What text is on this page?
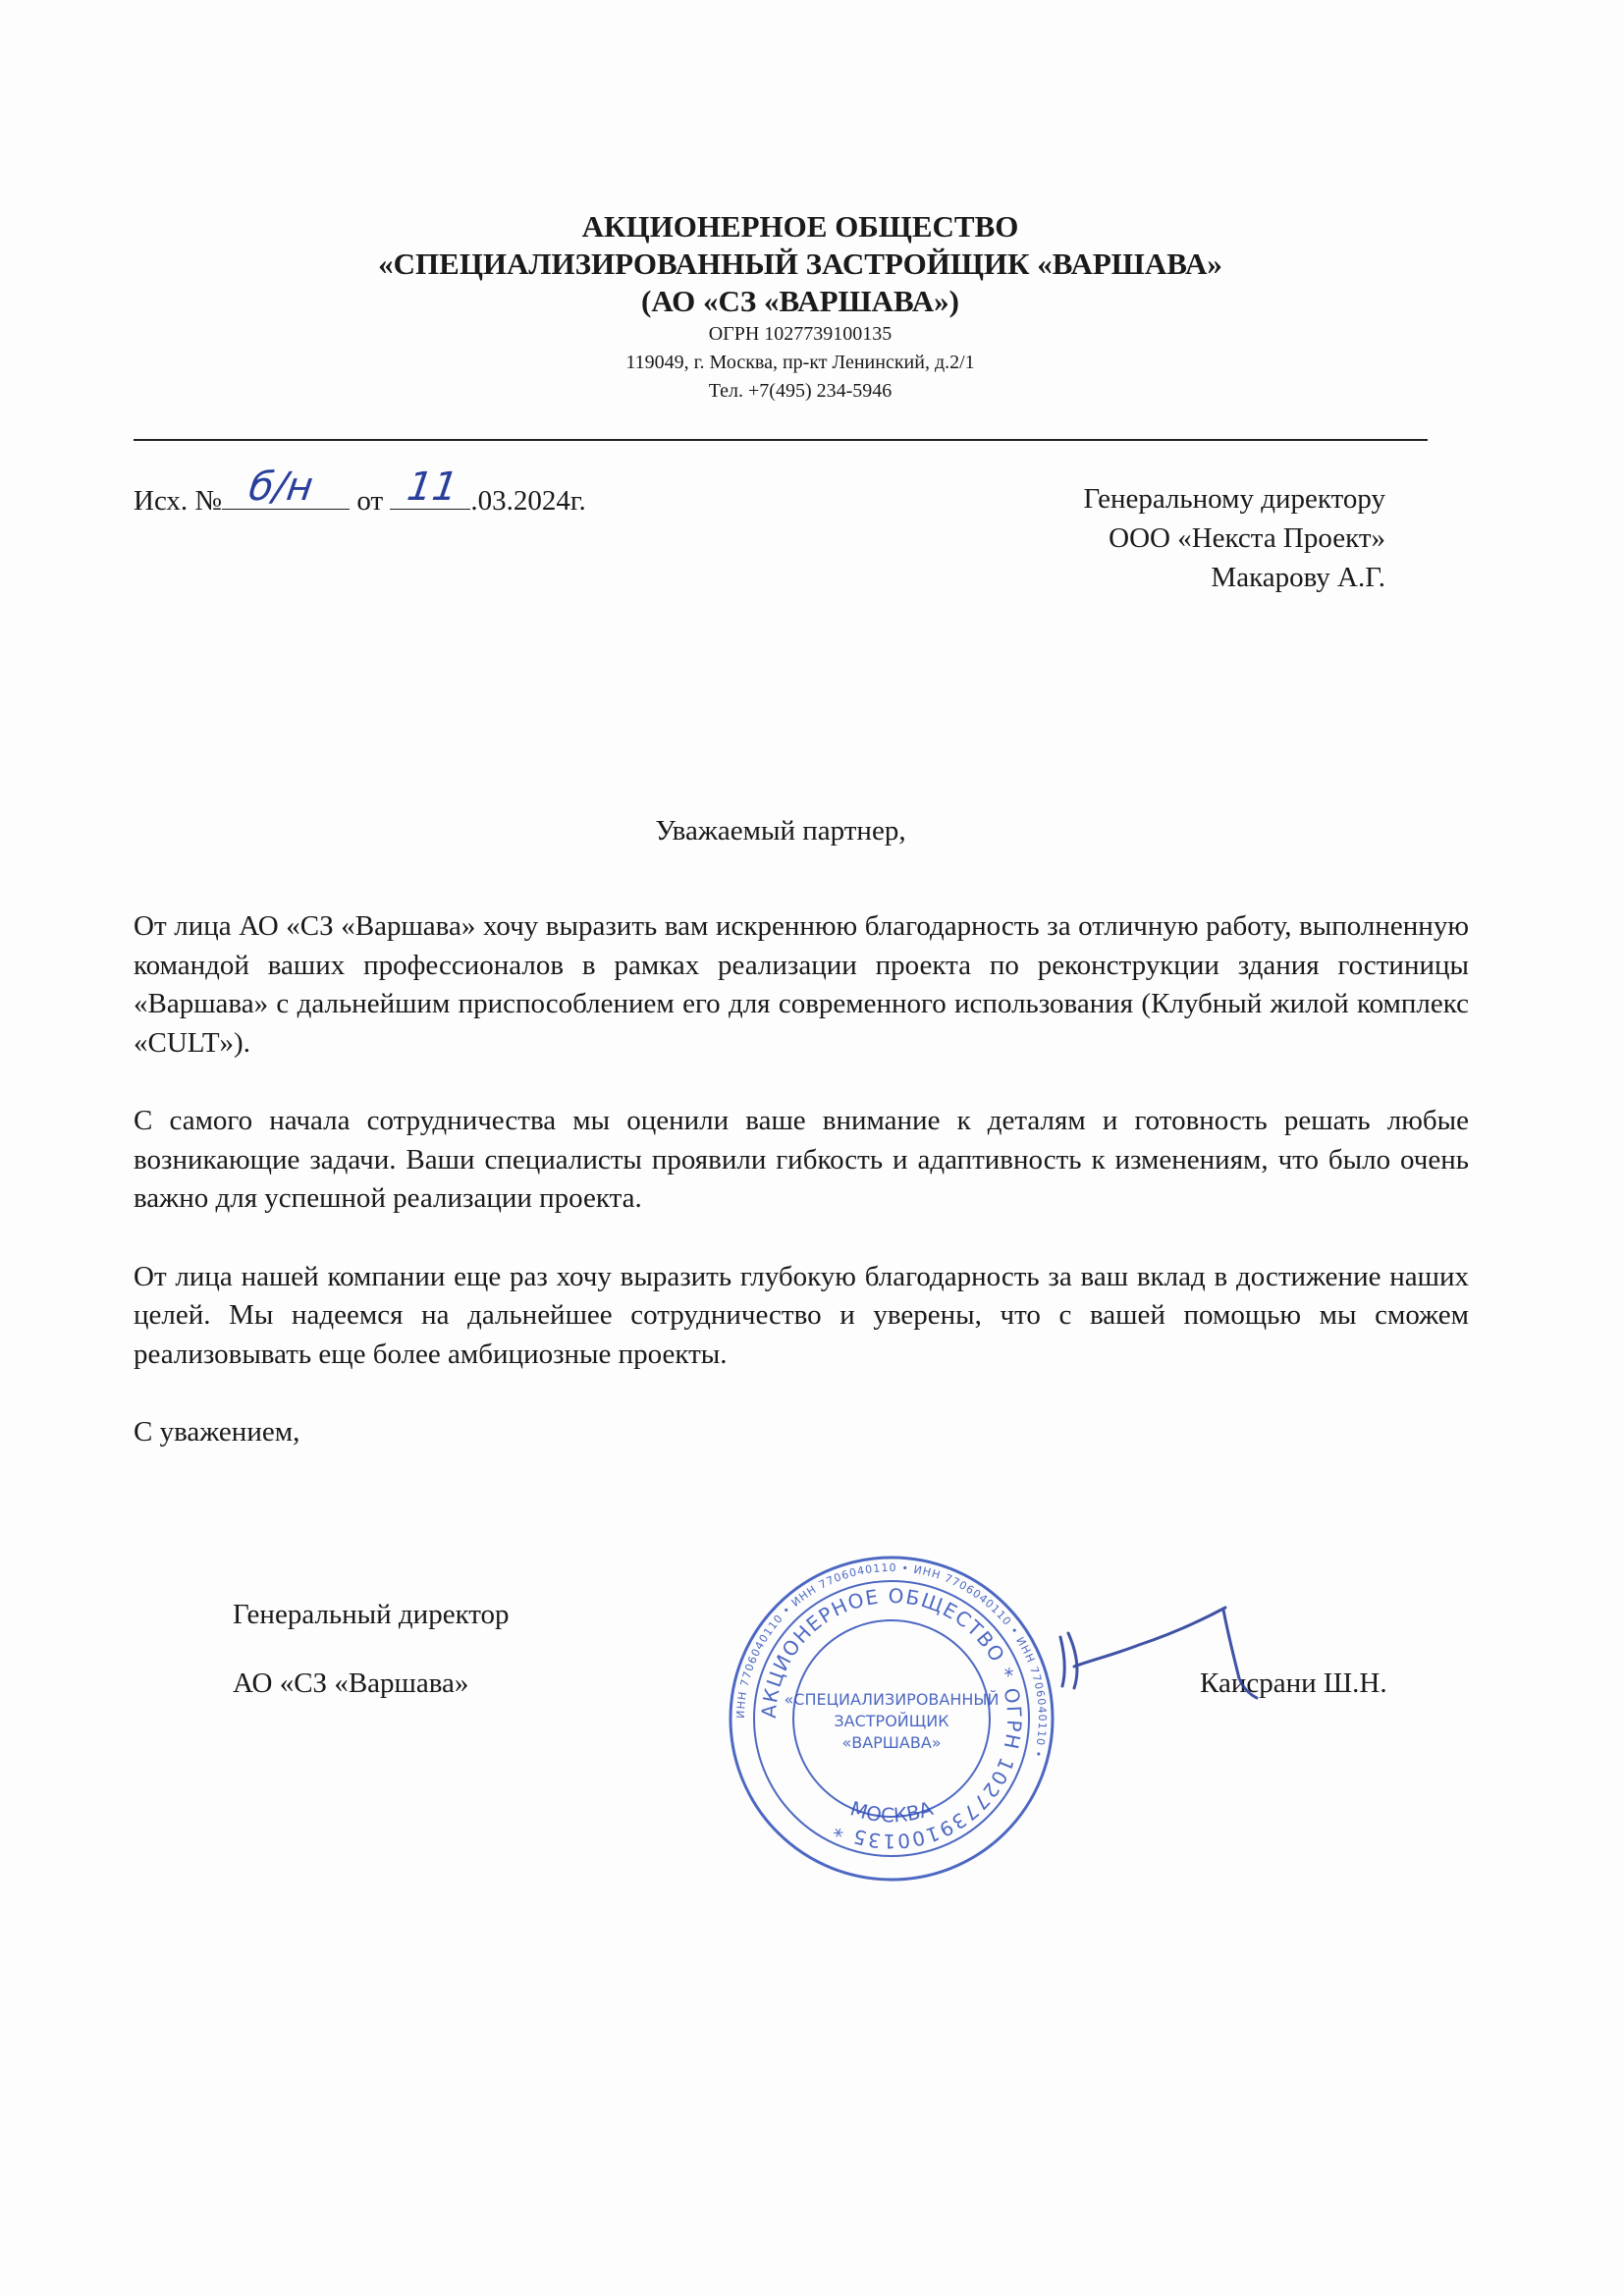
АКЦИОНЕРНОЕ ОБЩЕСТВО
«СПЕЦИАЛИЗИРОВАННЫЙ ЗАСТРОЙЩИК «ВАРШАВА»
(АО «СЗ «ВАРШАВА»)
ОГРН 1027739100135
119049, г. Москва, пр-кт Ленинский, д.2/1
Тел. +7(495) 234-5946
Исх. № б/н от 11 .03.2024г.	Генеральному директору
ООО «Некста Проект»
Макарову А.Г.
Уважаемый партнер,

От лица АО «СЗ «Варшава» хочу выразить вам искреннюю благодарность за отличную работу, выполненную командой ваших профессионалов в рамках реализации проекта по реконструкции здания гостиницы «Варшава» с дальнейшим приспособлением его для современного использования (Клубный жилой комплекс «CULT»).

С самого начала сотрудничества мы оценили ваше внимание к деталям и готовность решать любые возникающие задачи. Ваши специалисты проявили гибкость и адаптивность к изменениям, что было очень важно для успешной реализации проекта.

От лица нашей компании еще раз хочу выразить глубокую благодарность за ваш вклад в достижение наших целей. Мы надеемся на дальнейшее сотрудничество и уверены, что с вашей помощью мы сможем реализовывать еще более амбициозные проекты.

С уважением,

Генеральный директор
АО «СЗ «Варшава»	Каисрани Ш.Н.
ИНН 7706040110 • ИНН 7706040110 • ИНН 7706040110 • ИНН 7706040110 •
АКЦИОНЕРНОЕ ОБЩЕСТВО * ОГРН 1027739100135 *
МОСКВА
«СПЕЦИАЛИЗИРОВАННЫЙ
ЗАСТРОЙЩИК
«ВАРШАВА»
